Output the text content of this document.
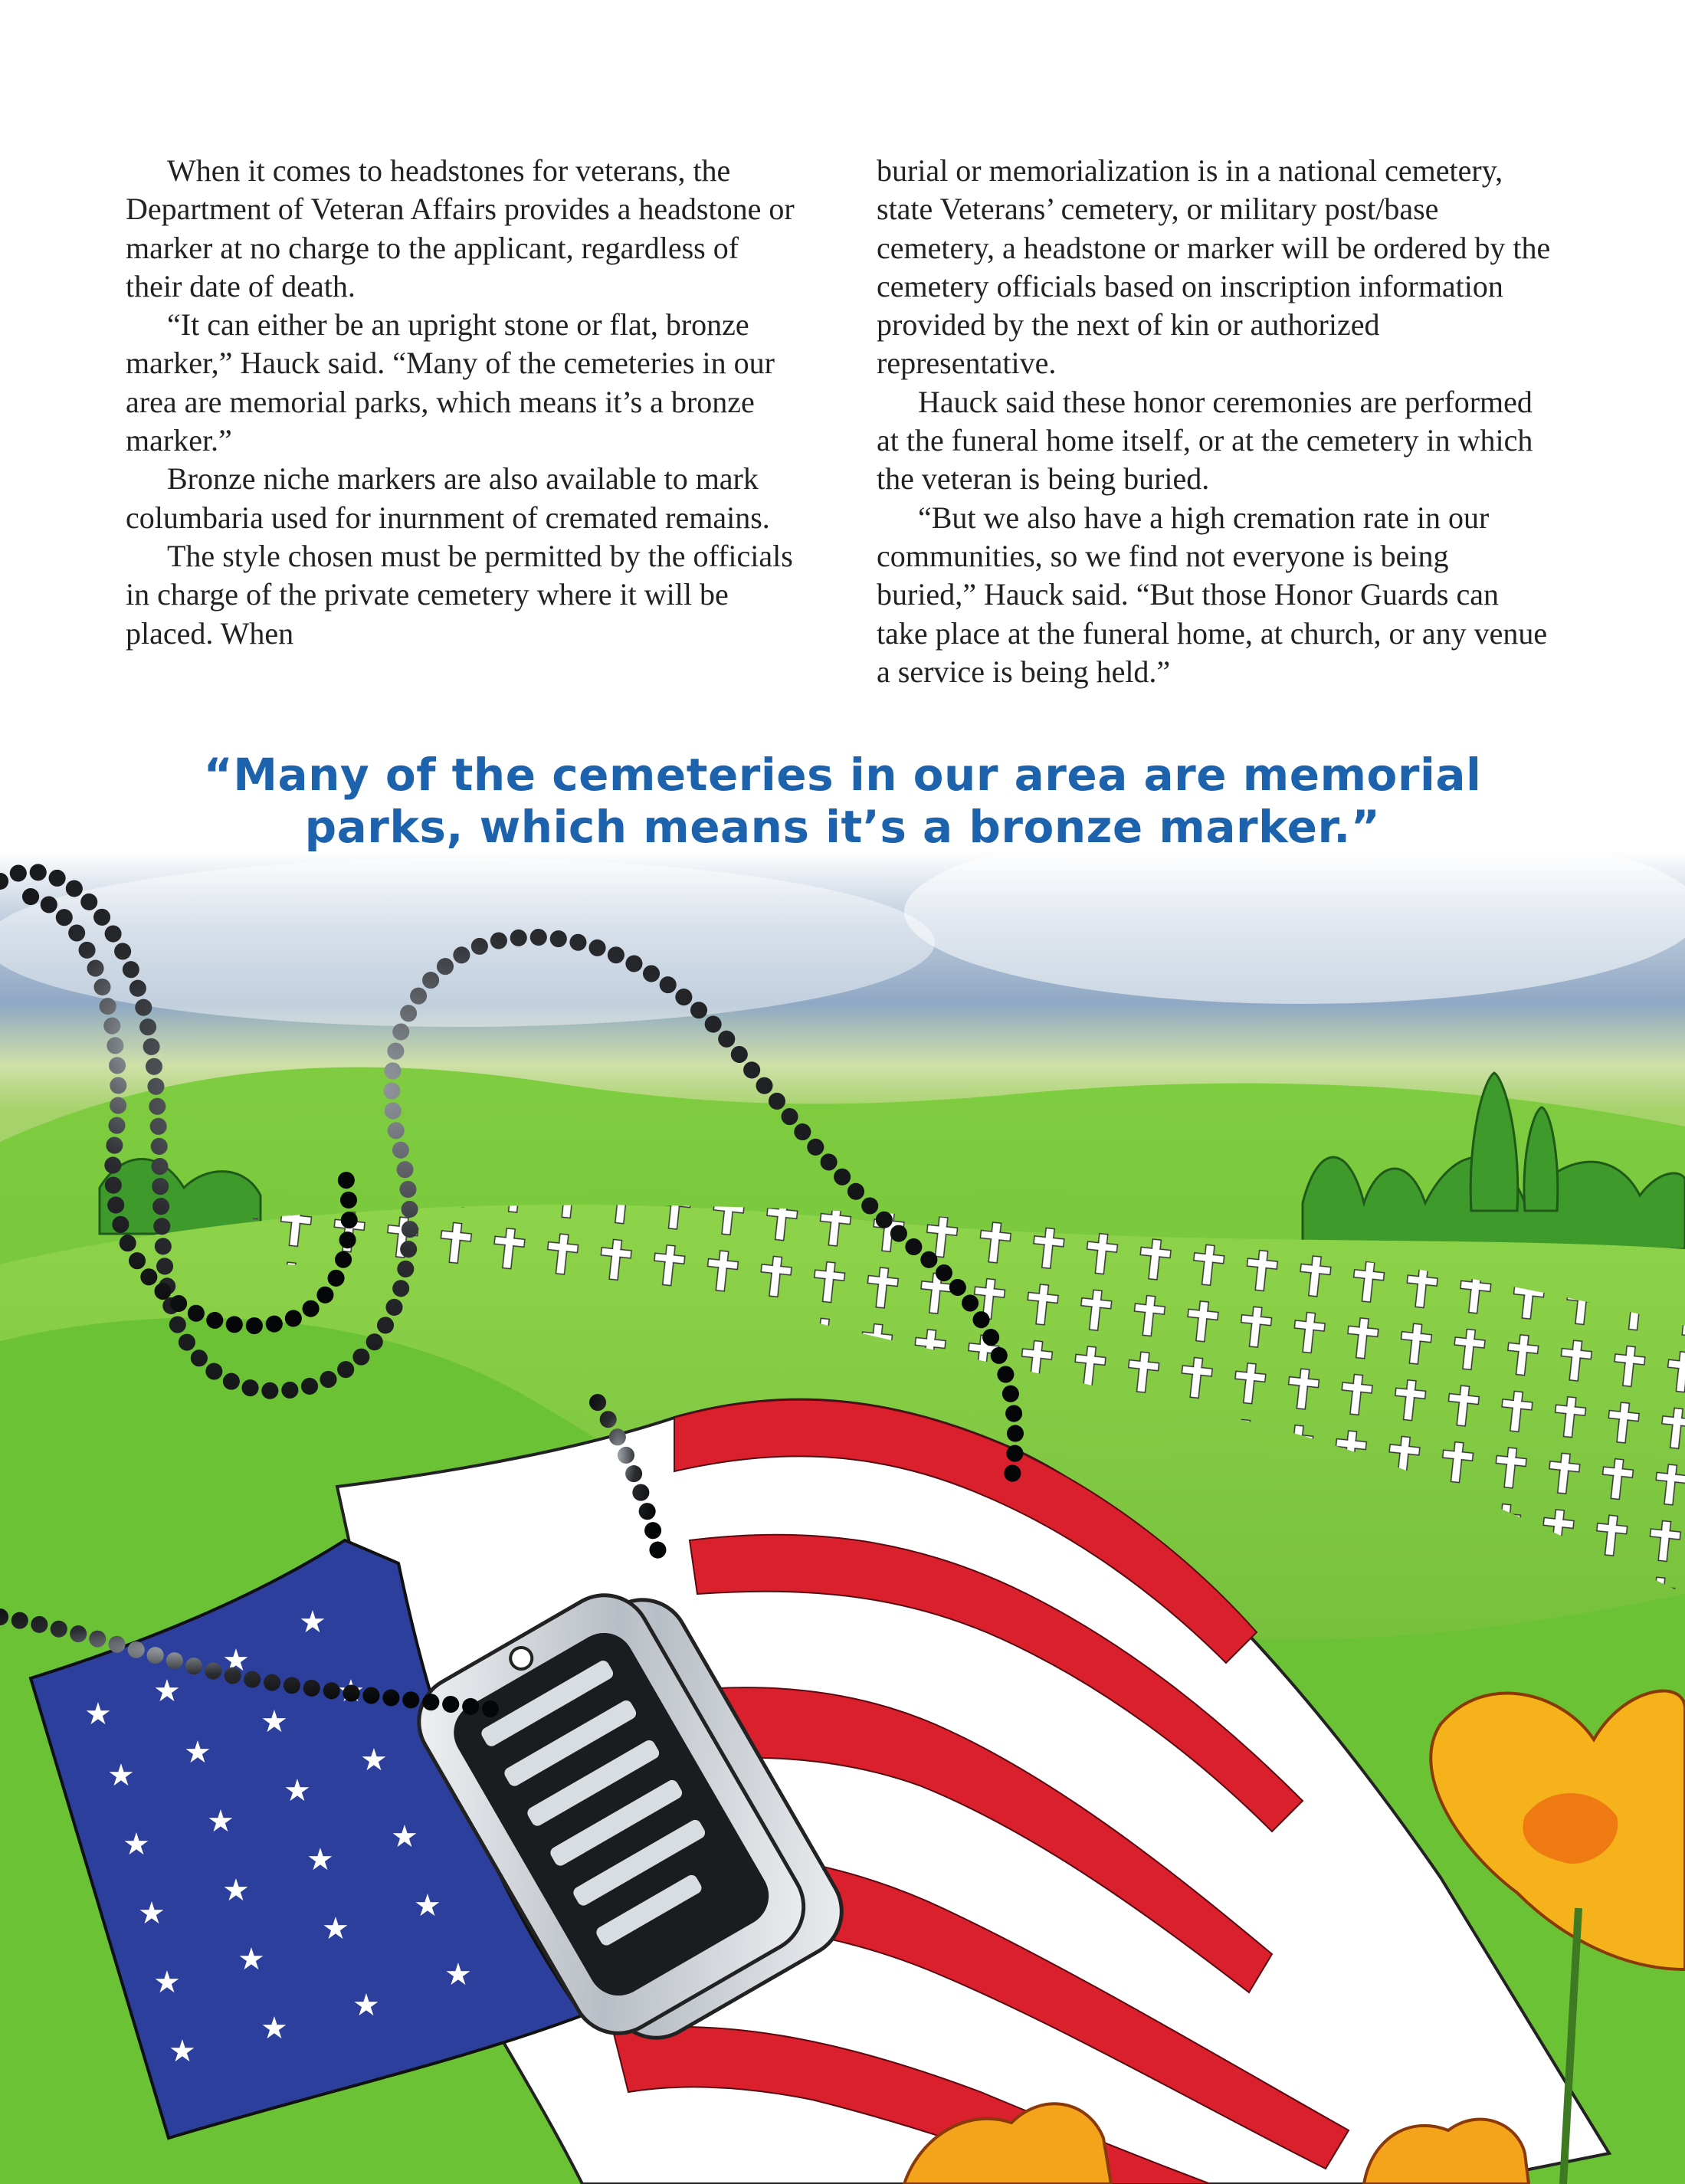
When it comes to headstones for veterans, the Department of Veteran Affairs provides a headstone or marker at no charge to the applicant, regardless of their date of death.

“It can either be an upright stone or flat, bronze marker,” Hauck said. “Many of the cemeteries in our area are memorial parks, which means it’s a bronze marker.”

Bronze niche markers are also available to mark columbaria used for inurnment of cremated remains.

The style chosen must be permitted by the officials in charge of the private cemetery where it will be placed. When

burial or memorialization is in a national cemetery, state Veterans’ cemetery, or military post/base cemetery, a headstone or marker will be ordered by the cemetery officials based on inscription information provided by the next of kin or authorized representative.

Hauck said these honor ceremonies are performed at the funeral home itself, or at the cemetery in which the veteran is being buried.

“But we also have a high cremation rate in our communities, so we find not everyone is being buried,” Hauck said. “But those Honor Guards can take place at the funeral home, at church, or any venue a service is being held.”

★
★
★
★
★
★
★
★
★
★
★
★
★
★
★
★
★
★
★
★
★
★
★
★
“Many of the cemeteries in our area are memorial
parks, which means it’s a bronze marker.”
